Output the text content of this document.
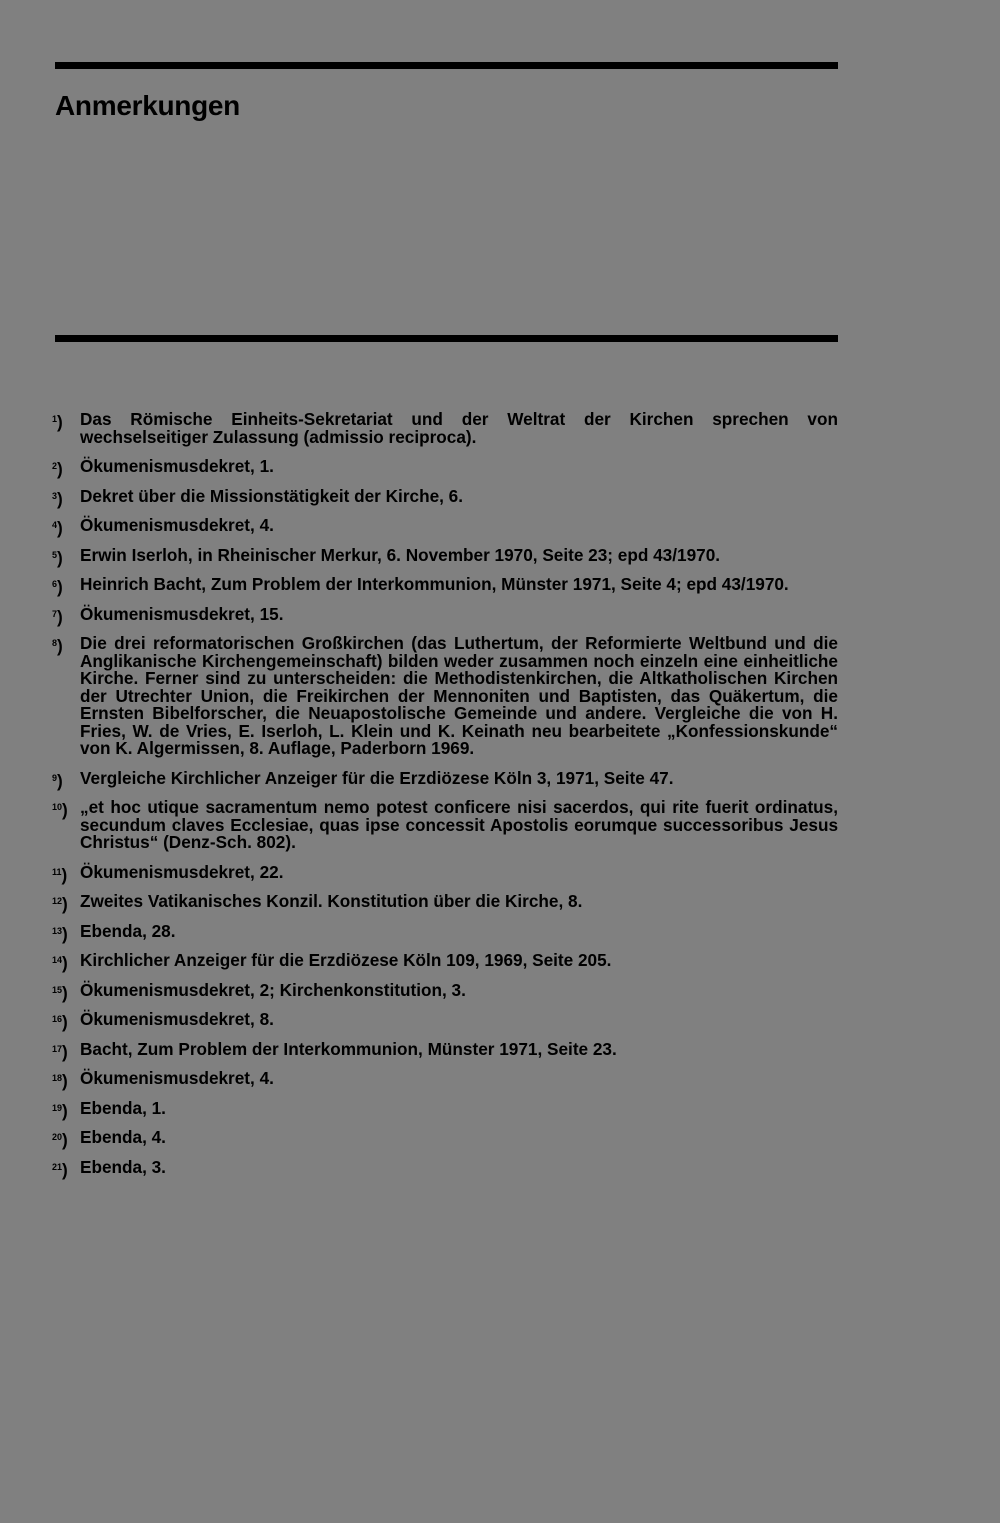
Anmerkungen
$^1$) Das Römische Einheits-Sekretariat und der Weltrat der Kirchen sprechen von wechselseitiger Zulassung (admissio reciproca).
$^2$) Ökumenismusdekret, 1.
$^3$) Dekret über die Missionstätigkeit der Kirche, 6.
$^4$) Ökumenismusdekret, 4.
$^5$) Erwin Iserloh, in Rheinischer Merkur, 6. November 1970, Seite 23; epd 43/1970.
$^6$) Heinrich Bacht, Zum Problem der Interkommunion, Münster 1971, Seite 4; epd 43/1970.
$^7$) Ökumenismusdekret, 15.
$^8$) Die drei reformatorischen Großkirchen (das Luthertum, der Reformierte Weltbund und die Anglikanische Kirchengemeinschaft) bilden weder zusammen noch einzeln eine einheitliche Kirche. Ferner sind zu unterscheiden: die Methodistenkirchen, die Altkatholischen Kirchen der Utrechter Union, die Freikirchen der Mennoniten und Baptisten, das Quäkertum, die Ernsten Bibelforscher, die Neuapostolische Gemeinde und andere. Vergleiche die von H. Fries, W. de Vries, E. Iserloh, L. Klein und K. Keinath neu bearbeitete „Konfessionskunde“ von K. Algermissen, 8. Auflage, Paderborn 1969.
$^9$) Vergleiche Kirchlicher Anzeiger für die Erzdiözese Köln 3, 1971, Seite 47.
$^{10}$) „et hoc utique sacramentum nemo potest conficere nisi sacerdos, qui rite fuerit ordinatus, secundum claves Ecclesiae, quas ipse concessit Apostolis eorumque successoribus Jesus Christus“ (Denz-Sch. 802).
$^{11}$) Ökumenismusdekret, 22.
$^{12}$) Zweites Vatikanisches Konzil. Konstitution über die Kirche, 8.
$^{13}$) Ebenda, 28.
$^{14}$) Kirchlicher Anzeiger für die Erzdiözese Köln 109, 1969, Seite 205.
$^{15}$) Ökumenismusdekret, 2; Kirchenkonstitution, 3.
$^{16}$) Ökumenismusdekret, 8.
$^{17}$) Bacht, Zum Problem der Interkommunion, Münster 1971, Seite 23.
$^{18}$) Ökumenismusdekret, 4.
$^{19}$) Ebenda, 1.
$^{20}$) Ebenda, 4.
$^{21}$) Ebenda, 3.
